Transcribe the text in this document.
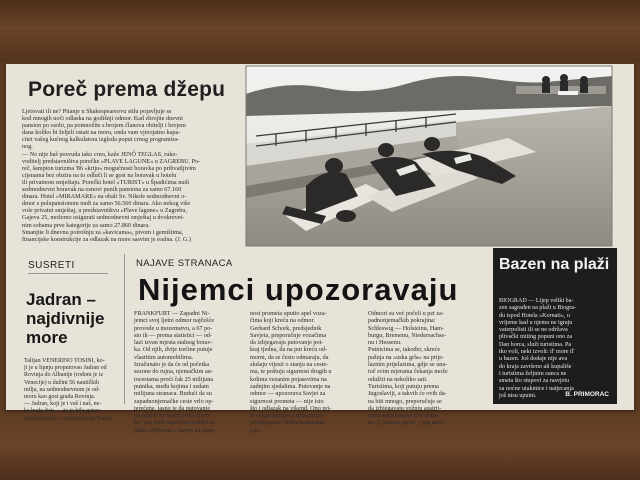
Poreč prema džepu
Ljetovati ili ne? Pitanje u Shakespeareovu stilu pojavljuje se
kod mnogih uoči odlaska na godišnji odmor. Kad zbrojite dnevni
pansion po osobi, pa pomnožite s brojem članova obitelji i brojem
dana koliko bi željeli ostati na moru, onda vam vjerojatno kapa-
citet vašeg kućnog kalkulatora izgleda poput crnog programira-
nog.
— No nije baš posvuda tako crno, kaže JENŐ TEGLAS, ruko-
voditelj predstavništva porečke »PLAVE LAGUNE« u ZAGREBU. Po-
reč, šampion turizma '86 »kriju« mogućnosti boravka po prihvatljivim
cijenama bez obzira na to odluči li se gost na boravak u hotelu
ili privatnom smještaju. Porečki hotel »TURIST« u Špadićima nudi
sedmodnevni boravak na osnovi punih pansiona za samo 67.160
dinara. Hotel »MIRAMARE« na obali Sv. Nikole sedmodnevni o-
dmor s polupansionom nudi za samo 56.560 dinara. Ako nekog više
vole privatni smještaj, u predstavništvu »Plave lagune« u Zagrebu,
Gajeva 25, možemo osigurati sedmodnevni smještaj u dvokrevet-
nim sobama prve kategorije za samo 27.860 dinara.
Smanjite li dnevnu potrošnju za »kavicama«, pivom i gemištima,
financijske konstrukcije za odlazak na more sasvim je realna. (J. G.)
SUSRETI
Jadran – najdivnije more
Talijan VENERINO TOSINI, ko-
ji je u lipnju proputovao Jadran od
Rovinja do Albanije (rodom je iz
Venecije) u dužini 56 nautičkih
milja, na sedmodnevnom je od-
moru kao gost grada Rovinja.
— Jadran, koji je i vaš i naš, ne-
ka bude čist: — to je bilo gotov-
ina maratona — rekao nam je Tosini.
NAJAVE STRANACA
Nijemci upozoravaju
FRANKFURT — Zapadni Ni-
jemci svoj ljetni odmor najčešće
provode u inozemstvu, a 67 po-
sto ih — prema statistici — od-
lazi izvan mjesta stalnog borav-
ka. Od njih, dvije trećine putuje
vlastitim automobilima.
Izračunato je da će od početka
sezone do rujna, njemačkim au-
tocestama proći čak 25 milijuna
putnika, među kojima i sedam
milijuna stranaca. Budući da su
zapadnonjemačke ceste vrlo op-
terećene, jasno je da putovanje
na odmor ne može proći ni pri-
ko, već pred najvećim poslovi ni
jedan »Nijemac« Savjet za sigur-
nost prometa uputio apel voza-
čima koji kreću na odmor.
Gerhard Schork, predsjednik
Savjeta, preporučuje vozačima
da izbjegavaju putovanje pot-
kraj tjedna, da na put kreću od-
morni, da se često odmaraju, da
slušaju vijesti o stanju na ceste-
ma, te poštuju sigurnost drugih u
kolima vezanim pojasevima na
zadnjim sjedalima. Putovanje na
odmor — upozorava Savjet za
sigurnost prometa — nije isto
što i odlazak na vikend. Ono pri-
je svega zahtijeva tjelesnu pri-
premljenost i dobru koncentra-
ciju.
Odmori su već počeli u pet za-
padnonjemačkih pokrajina:
Schleswig — Holsteinu, Ham-
burgu, Bremenu, Niedersachse-
nu i Hessenu.
Putnicima se, također, skreće
pažnja na »uska grla« na prije-
laznim prijelazima, gdje se una-
toč svim mjerama čekanja može
odužiti na nekoliko sati.
Turistima, koji putuju prema
Jugoslaviji, a takvih će ovih da-
na biti mnogo, preporučuje se
da izbjegavaju vožnju austrij-
skim autocestama u to doba-
na. U pravcu sjever – jug naro-
Bazen na plaži
BIOGRAD — Lijep veliki ba-
zen sagrađen na plaži u Biogra-
du ispod Hotela »Kornati«, u
vrijeme kad u njemu ne igraju
vaterpolisti ili se ne održava
plivački miting popuni ono za
Dan borca, služi turistima. Pa
tko voli, neki izvoli: il' more il'
u bazen. Još dodaje nije ava
do kraja završeno ali kupališe
i turistima željnim sunca ne
smeta što stupovi za rasvjetu
za noćne utakmice i natjecanja
još nisu uputni.	B. PRIMORAC
